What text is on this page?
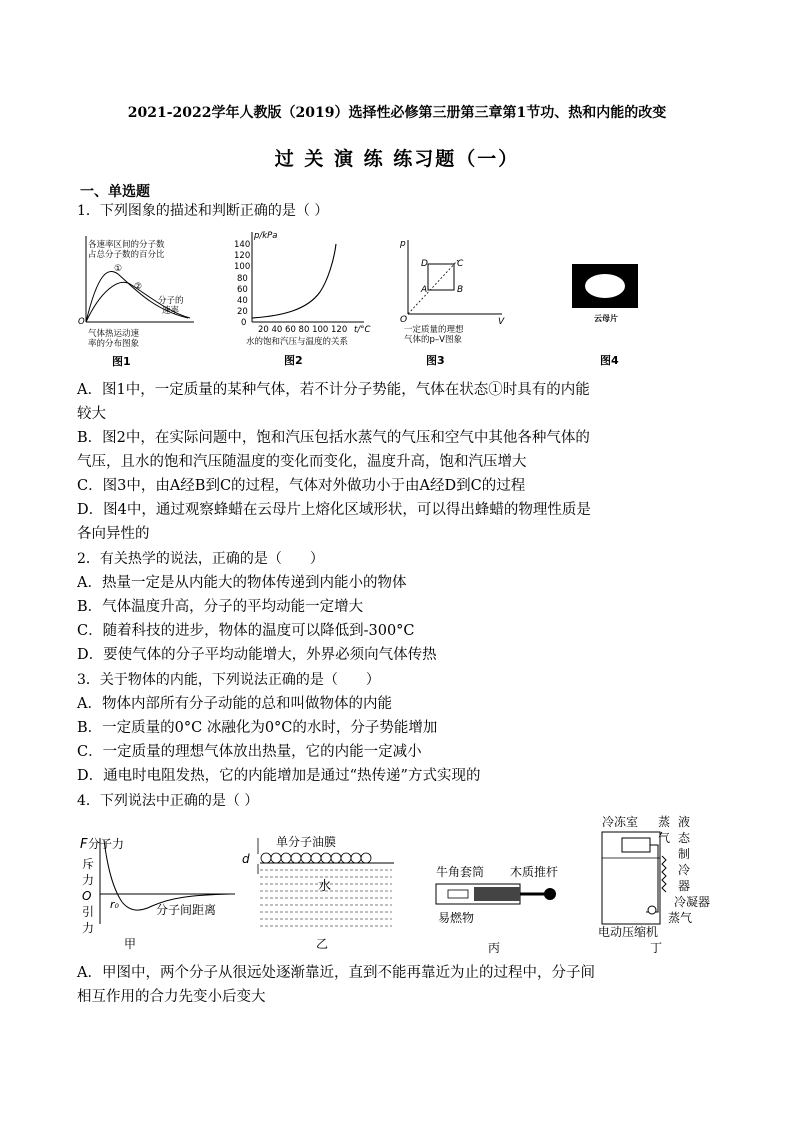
2021-2022学年人教版（2019）选择性必修第三册第三章第1节功、热和内能的改变
过 关 演 练 练习题（一）
一、单选题
1．下列图象的描述和判断正确的是（ ）
各速率区间的分子数
占总分子数的百分比
①
②
分子的
速率
O
气体热运动速
率的分布图象
图1
p/kPa
140
120
100
80
60
40
20
0
20 40 60 80 100 120 t/°C
水的饱和汽压与温度的关系
图2
p
V
O
A	B
C
D
一定质量的理想
气体的p–V图象
图3
云母片
图4
A．图1中，一定质量的某种气体，若不计分子势能，气体在状态①时具有的内能
较大
B．图2中，在实际问题中，饱和汽压包括水蒸气的气压和空气中其他各种气体的
气压，且水的饱和汽压随温度的变化而变化，温度升高，饱和汽压增大
C．图3中，由A经B到C的过程，气体对外做功小于由A经D到C的过程
D．图4中，通过观察蜂蜡在云母片上熔化区域形状，可以得出蜂蜡的物理性质是
各向异性的
2．有关热学的说法，正确的是（　　）
A．热量一定是从内能大的物体传递到内能小的物体
B．气体温度升高，分子的平均动能一定增大
C．随着科技的进步，物体的温度可以降低到-300°C
D．要使气体的分子平均动能增大，外界必须向气体传热
3．关于物体的内能，下列说法正确的是（　　）
A．物体内部所有分子动能的总和叫做物体的内能
B．一定质量的0°C 冰融化为0°C的水时，分子势能增加
C．一定质量的理想气体放出热量，它的内能一定减小
D．通电时电阻发热，它的内能增加是通过“热传递”方式实现的
4．下列说法中正确的是（ ）
F 分子力
斥
力
O
引
力
r₀	分子间距离
甲
单分子油膜
d
水
乙
牛角套筒 木质推杆
易燃物
丙
冷冻室 蒸
气
液
态
制
冷
器
冷凝器
蒸气
电动压缩机
丁
A．甲图中，两个分子从很远处逐渐靠近，直到不能再靠近为止的过程中，分子间
相互作用的合力先变小后变大
